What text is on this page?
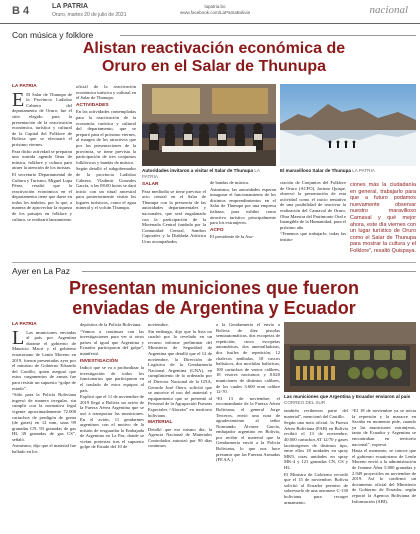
B 4	LA PATRIA
Oruro, martes 20 de julio de 2021
lapatria.bo
www.facebook.com/LaPatriaBolivia	nacional
Con música y folklore
Alistan reactivación económica de
Oruro en el Salar de Thunupa
LA PATRIA

E El Salar de Thunupa de la Provincia Ladislao Cabrera del departamento de Oruro, fue el sitio elegido para la presentación de la reactivación económica, turística y cultural de la Capital del Folklore de Bolivia que se efectuará el próximo viernes.

Para dicho actividad se preparan una nutrida agenda llena de música, folklore y cultura para atraer la atención de los turistas.

El secretario Departamental de Cultura y Turismo, Miguel Lupa Pérez, resaltó que la reactivación económica en el departamento tiene que darse en todos los ámbitos, por lo que, a manera de aprovechar la riqueza de los paisajes en folklore y cultura, se realizará lanzamiento

oficial de la reactivación económica turística y cultural en el Salar de Thunupa.

ACTIVIDADES

En las actividades contempladas para la reactivación de la economía, turística y cultural del departamento, que se preparó para el próximo viernes, al margen de los atractivos que por las presentaciones de la provincia, se tiene prevista la participación de tres conjuntos folklóricos y bandas de música.

Según detalló el subgobernador de la provincia Ladislao Cabrera, Vladimir Gonzales García, a las 08:00 horas se dará inicio con un ritual ancestral para posteriormente visitar los lugares turísticos, como el agua mineral y el volcán Thunupa.

Autoridades invitaron a visitar el Salar de Thunupa LA PATRIA
El maravilloso Salar de Thunupa LA PATRIA
SALAR

Para mediodía se tiene previsto el acto central en el Salar de Thunupa con la presencia de las autoridades departamentales y nacionales, que será engalanado con la participación de la Morenada Central fundada por la Comunidad Central, Sambos Caporales y la Diablada Artística Urus acompañados

de bandas de música.

Asimismo, las autoridades esperan inaugurar el funcionamiento de los distintos emprendimientos en el Salar de Thunupa por una empresa italiana, para exhibir como atractivo turístico principalmente para los extranjeros.

ACFO

El presidente de la Aso-

ciación de Conjuntos del Folklore de Oruro (ACFO), Jacinto Quispe, observó la presentación de esta actividad como el inicio tentativo de una posibilidad de reactivar la realización del Carnaval de Oruro, Obra Maestra del Patrimonio Oral e Intangible de la Humanidad, para el próximo año.

“Tenemos que trabajarlo, todas las institu-

ciones más la ciudadanía en general, trabajarlo para que a futuro podamos nuevamente observar nuestro maravilloso Carnaval y qué mejor ahora, este día viernes con un lugar turístico de Oruro como el Salar de Thunupa para mostrar la cultura y el Folklore”, resaltó Quispaya.

Ayer en La Paz
Presentan municiones que fueron
enviadas de Argentina y Ecuador
LA PATRIA

L Las municiones enviadas al país por Argentina durante el gobierno de Mauricio Macri y el gobierno ecuatoriano de Lenín Moreno en 2019, fueron presentadas ayer por el ministro de Gobierno Eduardo del Castillo, quien aseguró que estos cargamentos de armas fue para resistir un supuesto “golpe de estado”.

“Sólo para la Policía Boliviana ingresó de manera irregular, sin cumplir con la normativa legal vigente aproximadamente 72.000 cartuchos de perdigón de goma (de gases) en 12 mm, unas 99 granadas CN, 93 granadas de gas HL 39 granadas de gas CS”, señaló.

Asimismo, dijo que el material fue hallado en los

depósitos de la Policía Boliviana.

“Vamos a continuar con las investigaciones para ver si otros países al igual que Argentina y Ecuador participaron del golpe”, manifestó.

INVESTIGACIÓN

Indicó que se va a profundizar la investigación de todos los funcionarios que participaron en el traslado de estos equipos al país.

Explicó que el 11 de noviembre de 2019 llegó a Bolivia un avión de la Fuerza Aérea Argentina que se usó a transportar las municiones. En el avión, 11 gendarmes argentinos con el motivo de la misión de resguardar la Embajada de Argentina en La Paz, donde se vivían protestas tras el supuesto golpe de Estado del 10 de

noviembre.

Sin embargo, dijo que la lista no cuadró por lo revelado en un recurso informe preliminar del Ministerio de Seguridad de Argentina que detalló que el 12 de noviembre, la Dirección de Logística de la Gendarmería Nacional Argentina (GNA), en cumplimiento de lo ordenado por el Director Nacional de la GNA, Gerardo José Otero, solicitó que se autorice el uso del material y equipamiento que se presentó al Personal de la Agrupación Fuerzas Especiales “Alacrán” en territorio boliviano.

MATERIAL

Detalló que ese mismo día, la Agencia Nacional de Materiales Controlados autorizó por 90 días continuos

a la Gendarmería el envío a Bolivia de diez pistolas semiautomáticas, dos escopetas de repetición, cinco escopetas automáticas, dos ametralladoras, dos fusiles de repetición, 12 chalecos antibalas, 18 cascos balísticos, dos mochilas balísticas, 100 cartuchos de varios calibres, 18 visores nocturnos y 8.820 municiones de distintos calibres, de los cuales 3.600 eran calibre 12-70.

“El 13 de noviembre, el excomandante de la Fuerza Aérea Boliviana, el general Jorge Terceros, envió una nota de agradecimiento al señor Normando Álvarez García, embajador argentino en Bolivia, por recibir el material que la Gendarmería envió a la Policía Boliviana, lo que nos hace presumir que las Fuerzas Armadas (FF.AA.)

Las municiones que Argentina y Ecuador enviaron al país CORREO DEL SUR

también recibieron parte del material”, mencionó del Castillo.

Según una nota oficial, la Fuerza Aérea Boliviana (FAB) en Bolivia recibió el 13 de noviembre, 40.000 cartuchos AT 12/70 y gases lacrimógenos de distintos tipo, entre ellos 18 unidades en spray MK9, otras unidades en spray MK-4 y 121 granadas CN, CS y HL.

El Ministro de Gobierno recordó que el 15 de noviembre, Bolivia solicitó al Ecuador permiso de sobrevuelo de una aeronave C-130 boliviana para recoger armamento.

“El 18 de noviembre ya se inicia la represión y la masacre en Sacaba en momento pide, cuando ya las municiones extranjeras, tanto de Ecuador y Argentina se encontraban en territorio nacional”, expresó.

Hasta el momento, se conoce que el gobierno ecuatoriano de Lenín Moreno envió a la administración de Jeanine Áñez 5.000 granadas y 2.949 proyectiles en noviembre de 2019. Así lo confirmó un documento oficial del Ministerio de Gobierno de Ecuador, según reportó la Agencia Boliviana de Información (ABI).
